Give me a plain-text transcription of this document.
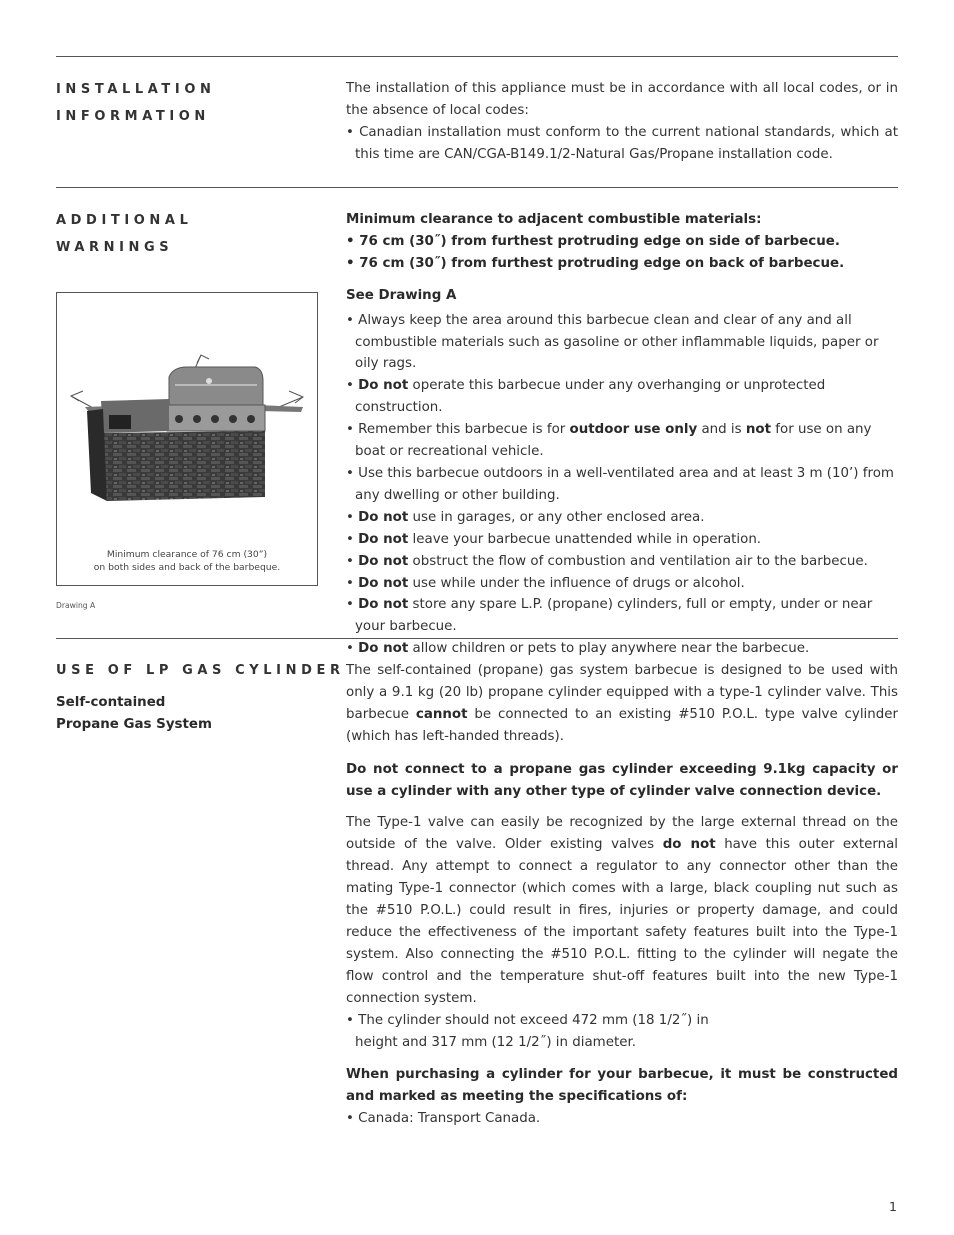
INSTALLATION
INFORMATION

The installation of this appliance must be in accordance with all local codes, or in the absence of local codes:

• Canadian installation must conform to the current national standards, which at this time are CAN/CGA-B149.1/2-Natural Gas/Propane installation code.

ADDITIONAL
WARNINGS
Minimum clearance of 76 cm (30”)
on both sides and back of the barbeque.
Drawing A

Minimum clearance to adjacent combustible materials:

• 76 cm (30˝) from furthest protruding edge on side of barbecue.

• 76 cm (30˝) from furthest protruding edge on back of barbecue.

See Drawing A

• Always keep the area around this barbecue clean and clear of any and all combustible materials such as gasoline or other inflammable liquids, paper or oily rags.

• Do not operate this barbecue under any overhanging or unprotected construction.

• Remember this barbecue is for outdoor use only and is not for use on any boat or recreational vehicle.

• Use this barbecue outdoors in a well-ventilated area and at least 3 m (10’) from any dwelling or other building.

• Do not use in garages, or any other enclosed area.

• Do not leave your barbecue unattended while in operation.

• Do not obstruct the flow of combustion and ventilation air to the barbecue.

• Do not use while under the influence of drugs or alcohol.

• Do not store any spare L.P. (propane) cylinders, full or empty, under or near your barbecue.

• Do not allow children or pets to play anywhere near the barbecue.

USE OF LP GAS CYLINDER
Self-contained
Propane Gas System

The self-contained (propane) gas system barbecue is designed to be used with only a 9.1 kg (20 lb) propane cylinder equipped with a type-1 cylinder valve. This barbecue cannot be connected to an existing #510 P.O.L. type valve cylinder (which has left-handed threads).

Do not connect to a propane gas cylinder exceeding 9.1kg capacity or use a cylinder with any other type of cylinder valve connection device.

The Type-1 valve can easily be recognized by the large external thread on the outside of the valve. Older existing valves do not have this outer external thread. Any attempt to connect a regulator to any connector other than the mating Type-1 connector (which comes with a large, black coupling nut such as the #510 P.O.L.) could result in fires, injuries or property damage, and could reduce the effectiveness of the important safety features built into the Type-1 system. Also connecting the #510 P.O.L. fitting to the cylinder will negate the flow control and the temperature shut-off features built into the new Type-1 connection system.

• The cylinder should not exceed 472 mm (18 1/2˝) in height and 317 mm (12 1/2˝) in diameter.

When purchasing a cylinder for your barbecue, it must be constructed and marked as meeting the specifications of:

• Canada: Transport Canada.

1
